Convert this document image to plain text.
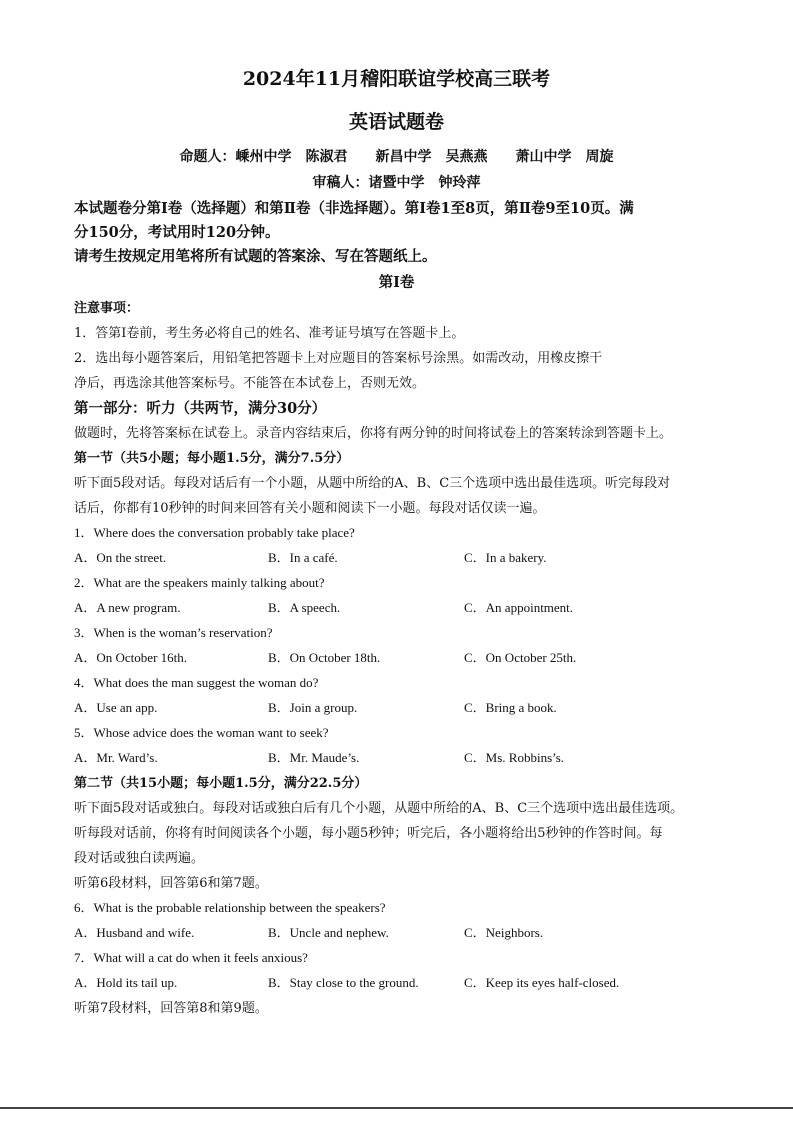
2024年11月稽阳联谊学校高三联考
英语试题卷
命题人：嵊州中学　陈淑君　　新昌中学　吴燕燕　　萧山中学　周旋
审稿人：诸暨中学　钟玲萍
本试题卷分第Ⅰ卷（选择题）和第Ⅱ卷（非选择题）。第Ⅰ卷1至8页，第Ⅱ卷9至10页。满
分150分，考试用时120分钟。
请考生按规定用笔将所有试题的答案涂、写在答题纸上。
第Ⅰ卷
注意事项：
1．答第Ⅰ卷前，考生务必将自己的姓名、准考证号填写在答题卡上。
2．选出每小题答案后，用铅笔把答题卡上对应题目的答案标号涂黑。如需改动，用橡皮擦干
净后，再选涂其他答案标号。不能答在本试卷上，否则无效。
第一部分：听力（共两节，满分30分）
做题时，先将答案标在试卷上。录音内容结束后，你将有两分钟的时间将试卷上的答案转涂到答题卡上。
第一节（共5小题；每小题1.5分，满分7.5分）
听下面5段对话。每段对话后有一个小题，从题中所给的A、B、C三个选项中选出最佳选项。听完每段对
话后，你都有10秒钟的时间来回答有关小题和阅读下一小题。每段对话仅读一遍。
1．Where does the conversation probably take place?
A．On the street.	B．In a café.	C．In a bakery.
2．What are the speakers mainly talking about?
A．A new program.	B．A speech.	C．An appointment.
3．When is the woman’s reservation?
A．On October 16th.	B．On October 18th.	C．On October 25th.
4．What does the man suggest the woman do?
A．Use an app.	B．Join a group.	C．Bring a book.
5．Whose advice does the woman want to seek?
A．Mr. Ward’s.	B．Mr. Maude’s.	C．Ms. Robbins’s.
第二节（共15小题；每小题1.5分，满分22.5分）
听下面5段对话或独白。每段对话或独白后有几个小题，从题中所给的A、B、C三个选项中选出最佳选项。
听每段对话前，你将有时间阅读各个小题，每小题5秒钟；听完后，各小题将给出5秒钟的作答时间。每
段对话或独白读两遍。
听第6段材料，回答第6和第7题。
6．What is the probable relationship between the speakers?
A．Husband and wife.	B．Uncle and nephew.	C．Neighbors.
7．What will a cat do when it feels anxious?
A．Hold its tail up.	B．Stay close to the ground.	C．Keep its eyes half-closed.
听第7段材料，回答第8和第9题。
